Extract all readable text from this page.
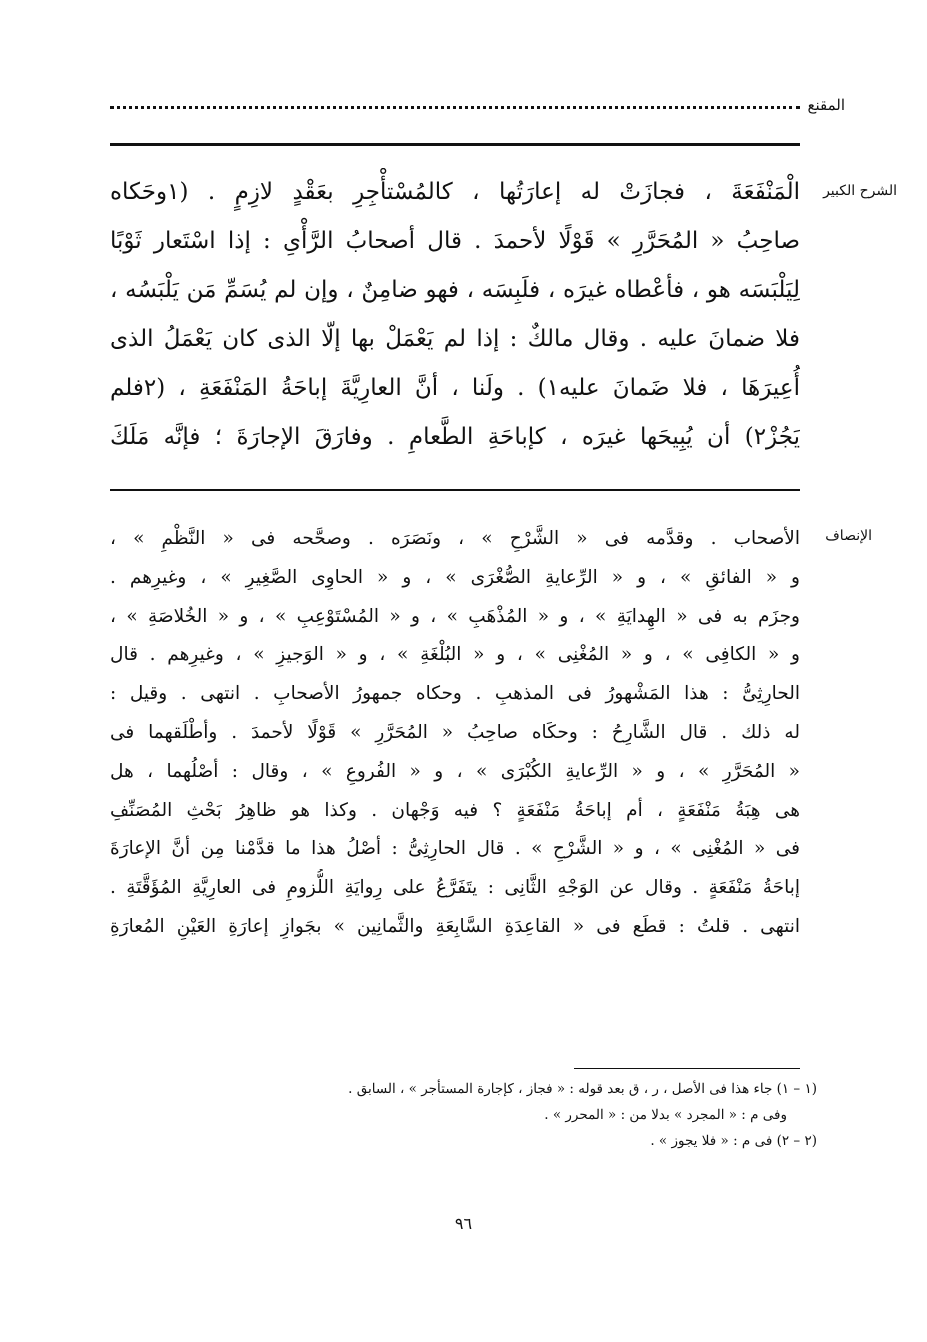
المقنع
الشرح الكبير
الْمَنْفَعَةَ ، فجازَتْ له إعارَتُها ، كالمُسْتأْجِرِ بعَقْدٍ لازِمٍ . (١وحَكاه
صاحِبُ « المُحَرَّرِ » قَوْلًا لأحمدَ . قال أصحابُ الرَّأْىِ : إذا اسْتَعار ثَوْبًا
لِيَلْبَسَه هو ، فأعْطاه غيرَه ، فلَبِسَه ، فهو ضامِنٌ ، وإن لم يُسَمِّ مَن يَلْبَسُه ،
فلا ضمانَ عليه . وقال مالكٌ : إذا لم يَعْمَلْ بها إلّا الذى كان يَعْمَلُ الذى
أُعِيرَهَا ، فلا ضَمانَ عليه١) . ولَنا ، أنَّ العارِيَّةَ إباحَةُ المَنْفَعَةِ ، (٢فلم
يَجُزْ٢) أن يُبِيحَها غيرَه ، كإباحَةِ الطَّعامِ . وفارَقَ الإجارَةَ ؛ فإنَّه مَلَكَ
الإنصاف
الأصحاب . وقدَّمه فى « الشَّرْحِ » ، ونَصَرَه . وصحَّحه فى « النَّظْمِ » ،
و « الفائقِ » ، و « الرِّعايةِ الصُّغْرَى » ، و « الحاوِى الصَّغِيرِ » ، وغيرِهم .
وجزَم به فى « الهِدايَةِ » ، و « المُذْهَبِ » ، و « المُسْتَوْعِبِ » ، و « الخُلاصَةِ » ،
و « الكافِى » ، و « المُغْنِى » ، و « البُلْغَةِ » ، و « الوَجيزِ » ، وغيرِهم . قال
الحارِثِىُّ : هذا المَشْهورُ فى المذهبِ . وحكاه جمهورُ الأصحابِ . انتهى . وقيل :
له ذلك . قال الشَّارِحُ : وحكَاه صاحِبُ « المُحَرَّرِ » قَوْلًا لأحمدَ . وأطْلَقهما فى
« المُحَرَّرِ » ، و « الرِّعايةِ الكُبْرَى » ، و « الفُروعِ » ، وقال : أصْلُهما ، هل
هى هِبَةُ مَنْفَعَةٍ ، أم إباحَةُ مَنْفَعَةٍ ؟ فيه وَجْهان . وكذا هو ظاهِرُ بَحْثِ المُصَنِّفِ
فى « المُغْنِى » ، و « الشَّرْحِ » . قال الحارِثِىُّ : أصْلُ هذا ما قدَّمْنا مِن أنَّ الإعارَةَ
إباحَةُ مَنْفَعَةٍ . وقال عن الوَجْهِ الثَّانِى : يتَفَرَّعُ على رِوايَةِ اللُّزومِ فى العارِيَّةِ المُؤَقَّتَةِ .
انتهى . قلتُ : قطَع فى « القاعِدَةِ السَّابِعَةِ والثَّمانِين » بجَوازِ إعارَةِ العَيْنِ المُعارَةِ
(١ – ١) جاء هذا فى الأصل ، ر ، ق بعد قوله : « فجاز ، كإجارة المستأجر » ، السابق .
وفى م : « المجرد » بدلا من : « المحرر » .
(٢ – ٢) فى م : « فلا يجوز » .
٩٦
